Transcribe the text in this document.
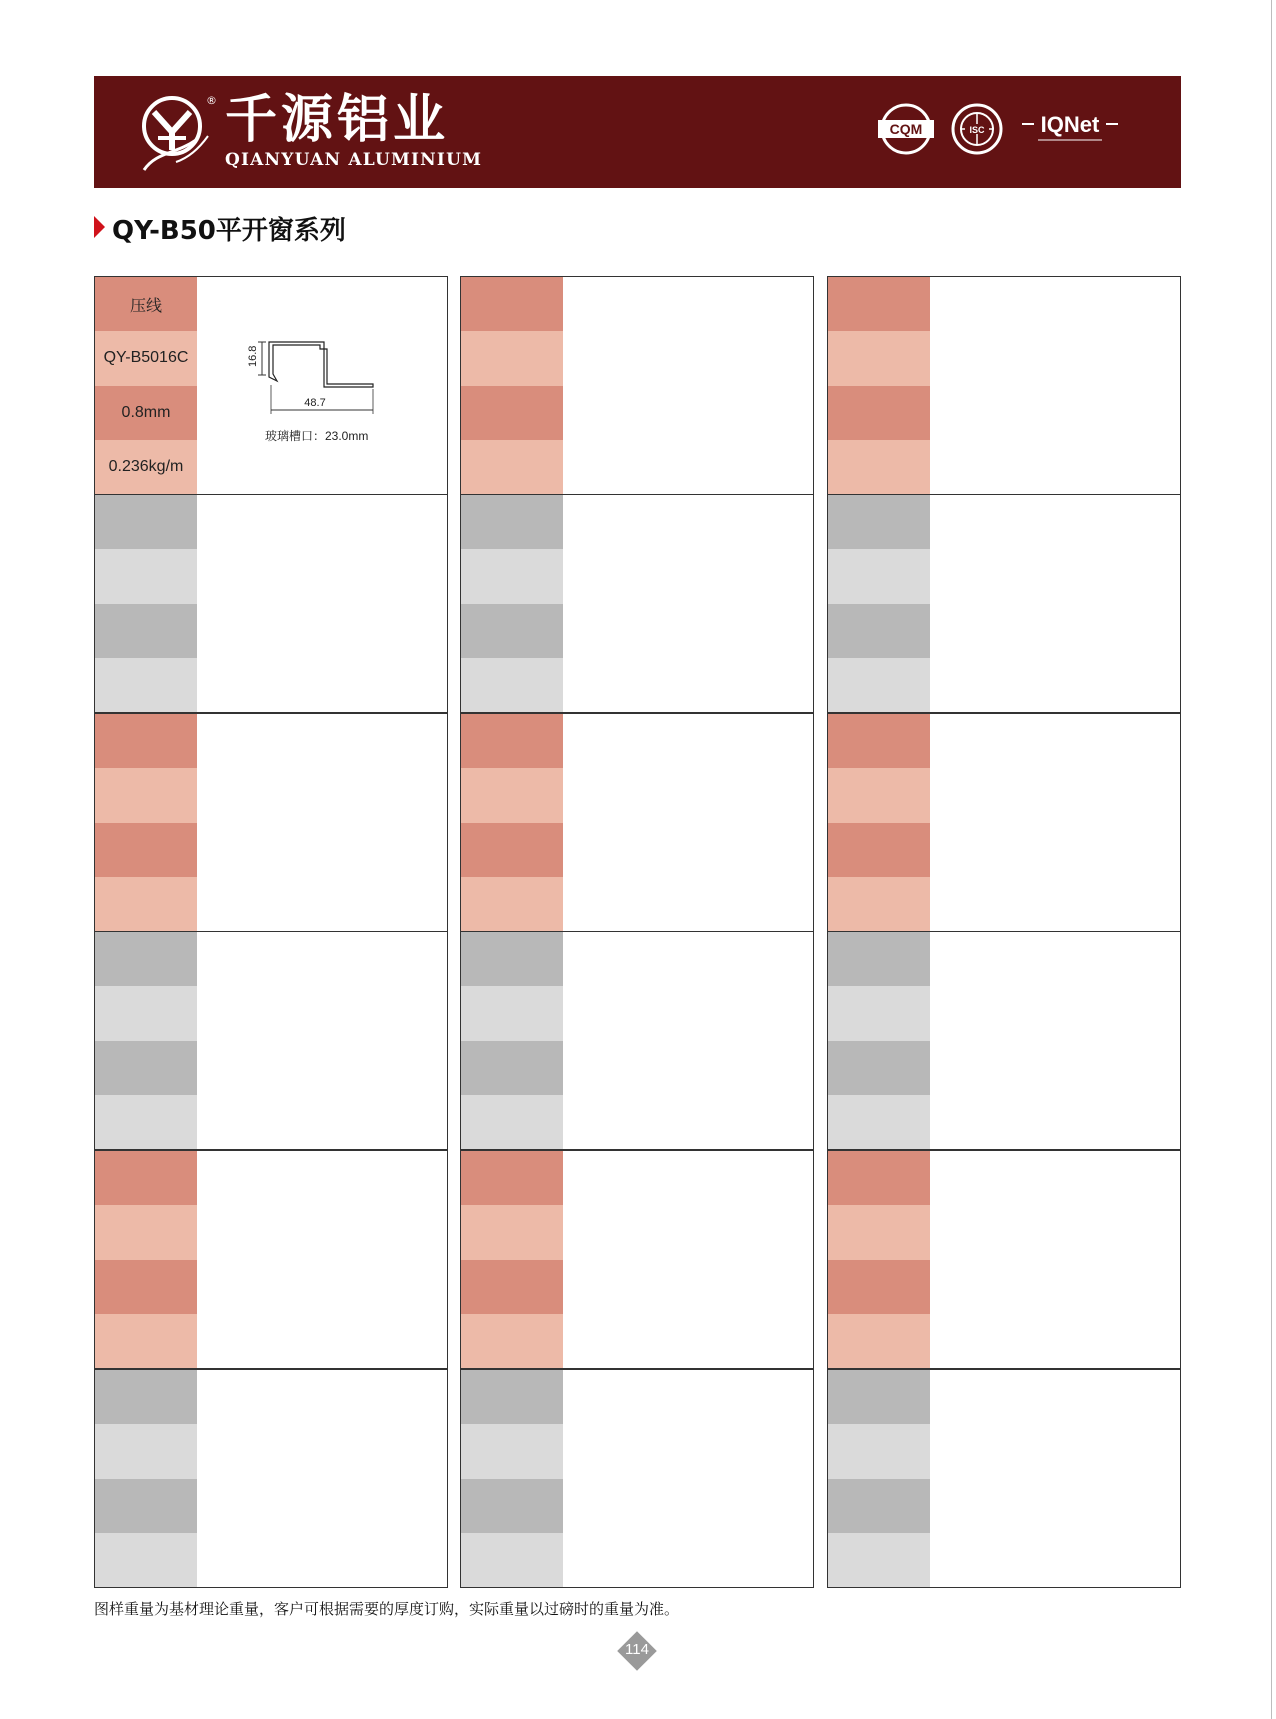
® 千源铝业
QIANYUAN ALUMINIUM
CQM	ISC	IQNet
QY-B50平开窗系列
压线
QY-B5016C
0.8mm
0.236kg/m
16.8
48.7
玻璃槽口：23.0mm
图样重量为基材理论重量，客户可根据需要的厚度订购，实际重量以过磅时的重量为准。
114
